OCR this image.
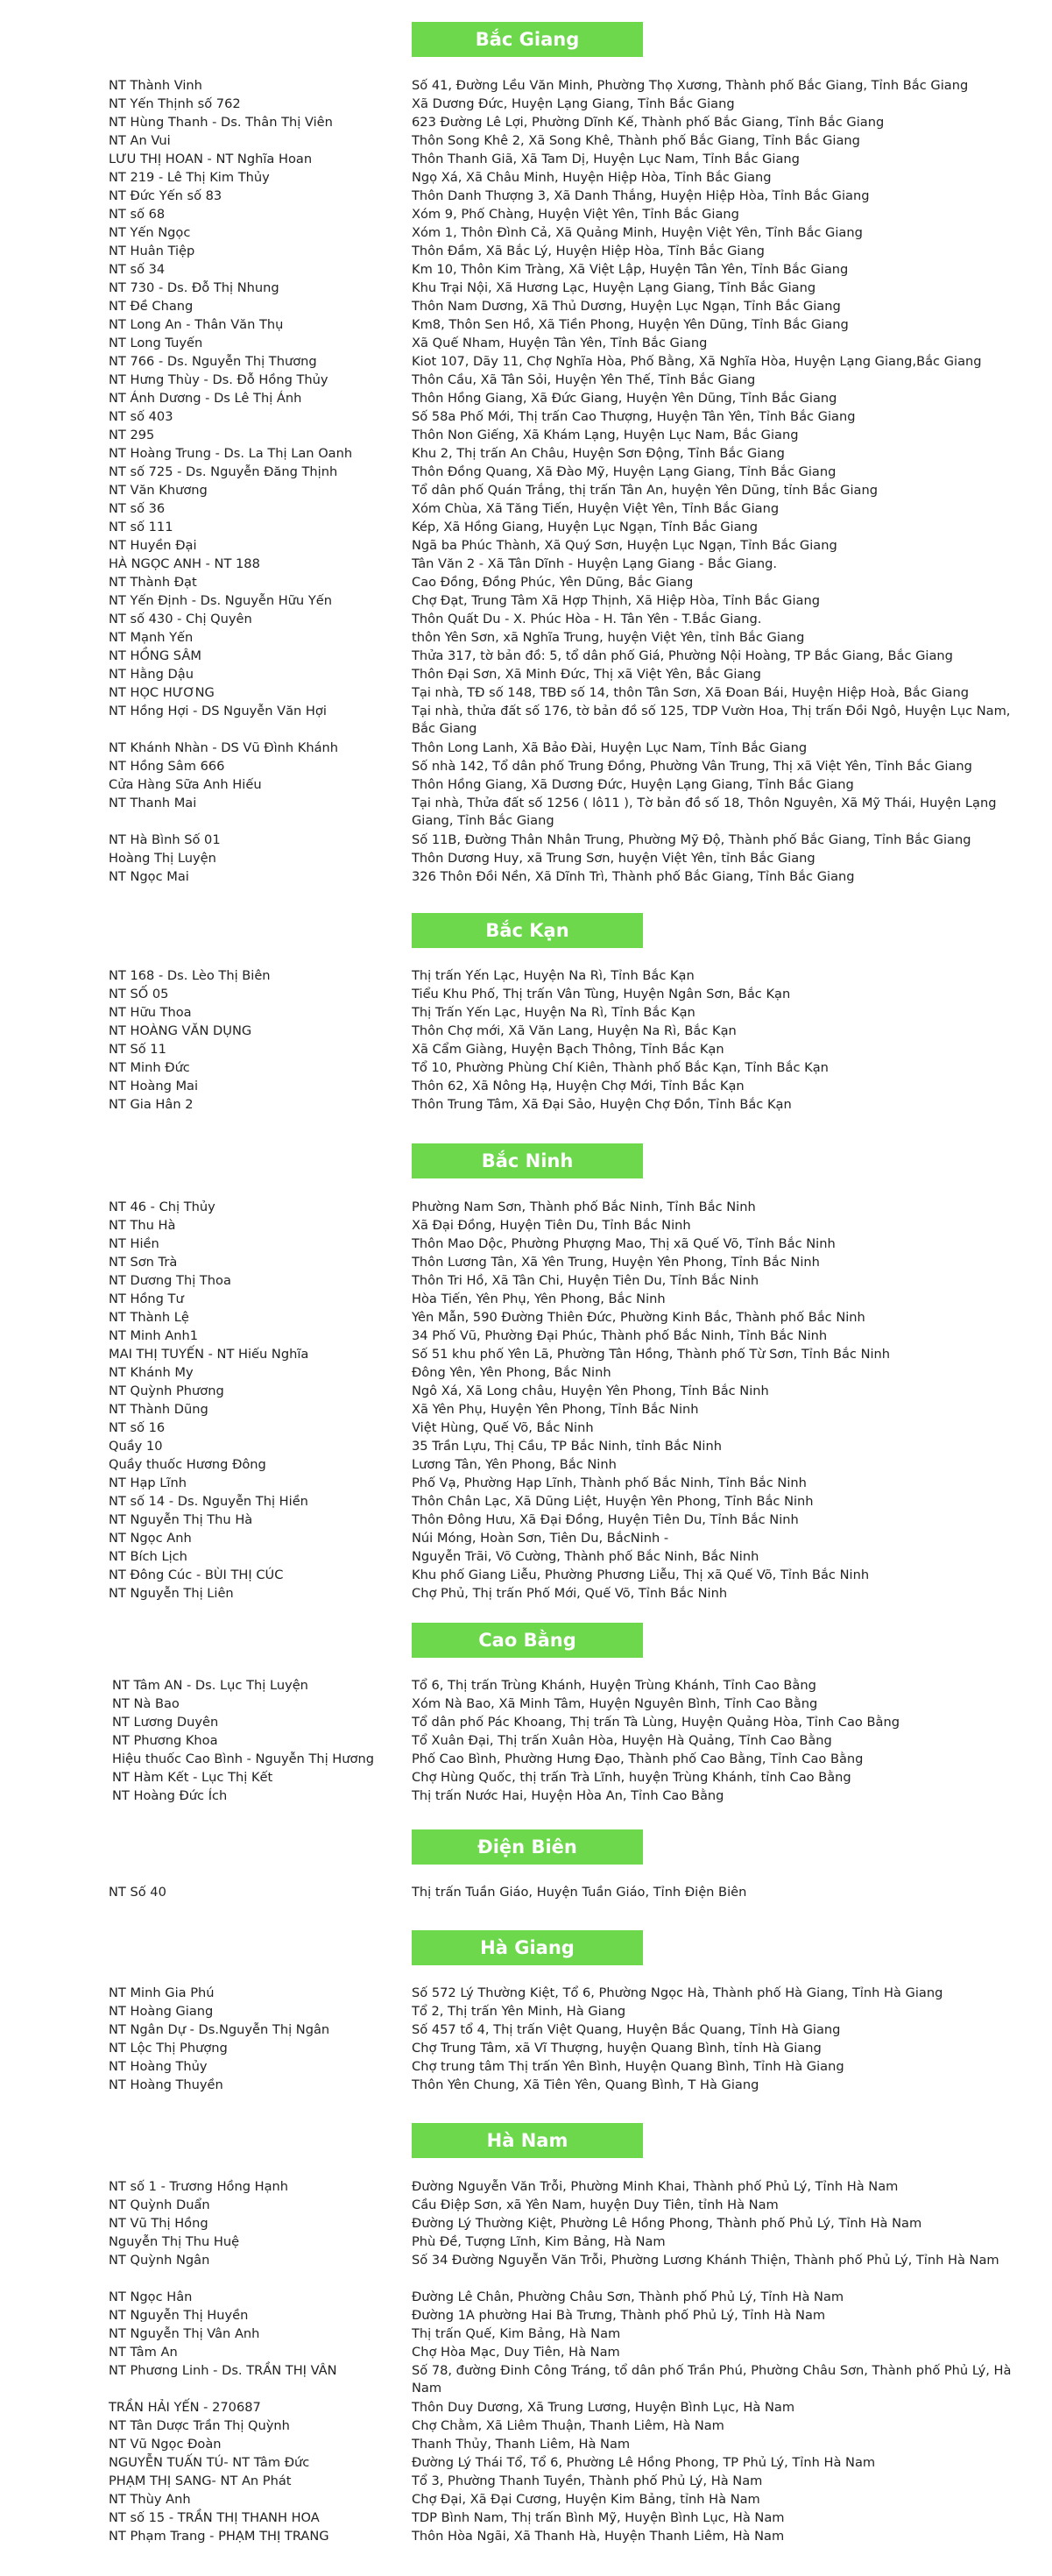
Bắc Giang
NT Thành Vinh	Số 41, Đường Lều Văn Minh, Phường Thọ Xương, Thành phố Bắc Giang, Tỉnh Bắc Giang
NT Yến Thịnh số 762	Xã Dương Đức, Huyện Lạng Giang, Tỉnh Bắc Giang
NT Hùng Thanh - Ds. Thân Thị Viên	623 Đường Lê Lợi, Phường Dĩnh Kế, Thành phố Bắc Giang, Tỉnh Bắc Giang
NT An Vui	Thôn Song Khê 2, Xã Song Khê, Thành phố Bắc Giang, Tỉnh Bắc Giang
LƯU THỊ HOAN - NT Nghĩa Hoan	Thôn Thanh Giã, Xã Tam Dị, Huyện Lục Nam, Tỉnh Bắc Giang
NT 219 - Lê Thị Kim Thủy	Ngọ Xá, Xã Châu Minh, Huyện Hiệp Hòa, Tỉnh Bắc Giang
NT Đức Yến số 83	Thôn Danh Thượng 3, Xã Danh Thắng, Huyện Hiệp Hòa, Tỉnh Bắc Giang
NT số 68	Xóm 9, Phố Chàng, Huyện Việt Yên, Tỉnh Bắc Giang
NT Yến Ngọc	Xóm 1, Thôn Đình Cả, Xã Quảng Minh, Huyện Việt Yên, Tỉnh Bắc Giang
NT Huân Tiệp	Thôn Đầm, Xã Bắc Lý, Huyện Hiệp Hòa, Tỉnh Bắc Giang
NT số 34	Km 10, Thôn Kim Tràng, Xã Việt Lập, Huyện Tân Yên, Tỉnh Bắc Giang
NT 730 - Ds. Đỗ Thị Nhung	Khu Trại Nội, Xã Hương Lạc, Huyện Lạng Giang, Tỉnh Bắc Giang
NT Đề Chang	Thôn Nam Dương, Xã Thủ Dương, Huyện Lục Ngạn, Tỉnh Bắc Giang
NT Long An - Thân Văn Thụ	Km8, Thôn Sen Hồ, Xã Tiền Phong, Huyện Yên Dũng, Tỉnh Bắc Giang
NT Long Tuyến	Xã Quế Nham, Huyện Tân Yên, Tỉnh Bắc Giang
NT 766 - Ds. Nguyễn Thị Thương	Kiot 107, Dãy 11, Chợ Nghĩa Hòa, Phố Bằng, Xã Nghĩa Hòa, Huyện Lạng Giang,Bắc Giang
NT Hưng Thùy - Ds. Đỗ Hồng Thủy	Thôn Cầu, Xã Tân Sỏi, Huyện Yên Thế, Tỉnh Bắc Giang
NT Ánh Dương - Ds Lê Thị Ánh	Thôn Hồng Giang, Xã Đức Giang, Huyện Yên Dũng, Tỉnh Bắc Giang
NT số 403	Số 58a Phố Mới, Thị trấn Cao Thượng, Huyện Tân Yên, Tỉnh Bắc Giang
NT 295	Thôn Non Giếng, Xã Khám Lạng, Huyện Lục Nam, Bắc Giang
NT Hoàng Trung - Ds. La Thị Lan Oanh	Khu 2, Thị trấn An Châu, Huyện Sơn Động, Tỉnh Bắc Giang
NT số 725 - Ds. Nguyễn Đăng Thịnh	Thôn Đồng Quang, Xã Đào Mỹ, Huyện Lạng Giang, Tỉnh Bắc Giang
NT Văn Khương	Tổ dân phố Quán Trắng, thị trấn Tân An, huyện Yên Dũng, tỉnh Bắc Giang
NT số 36	Xóm Chùa, Xã Tăng Tiến, Huyện Việt Yên, Tỉnh Bắc Giang
NT số 111	Kép, Xã Hồng Giang, Huyện Lục Ngạn, Tỉnh Bắc Giang
NT Huyền Đại	Ngã ba Phúc Thành, Xã Quý Sơn, Huyện Lục Ngạn, Tỉnh Bắc Giang
HÀ NGỌC ANH - NT 188	Tân Văn 2 - Xã Tân Dĩnh - Huyện Lạng Giang - Bắc Giang.
NT Thành Đạt	Cao Đồng, Đồng Phúc, Yên Dũng, Bắc Giang
NT Yến Định - Ds. Nguyễn Hữu Yến	Chợ Đạt, Trung Tâm Xã Hợp Thịnh, Xã Hiệp Hòa, Tỉnh Bắc Giang
NT số 430 - Chị Quyên	Thôn Quất Du - X. Phúc Hòa - H. Tân Yên - T.Bắc Giang.
NT Mạnh Yến	thôn Yên Sơn, xã Nghĩa Trung, huyện Việt Yên, tỉnh Bắc Giang
NT HỒNG SÂM	Thửa 317, tờ bản đồ: 5, tổ dân phố Giá, Phường Nội Hoàng, TP Bắc Giang, Bắc Giang
NT Hằng Dậu	Thôn Đại Sơn, Xã Minh Đức, Thị xã Việt Yên, Bắc Giang
NT HỌC HƯƠNG	Tại nhà, TĐ số 148, TBĐ số 14, thôn Tân Sơn, Xã Đoan Bái, Huyện Hiệp Hoà, Bắc Giang
NT Hồng Hợi - DS Nguyễn Văn Hợi	Tại nhà, thửa đất số 176, tờ bản đồ số 125, TDP Vườn Hoa, Thị trấn Đồi Ngô, Huyện Lục Nam, Bắc Giang
NT Khánh Nhàn - DS Vũ Đình Khánh	Thôn Long Lanh, Xã Bảo Đài, Huyện Lục Nam, Tỉnh Bắc Giang
NT Hồng Sâm 666	Số nhà 142, Tổ dân phố Trung Đồng, Phường Vân Trung, Thị xã Việt Yên, Tỉnh Bắc Giang
Cửa Hàng Sữa Anh Hiếu	Thôn Hồng Giang, Xã Dương Đức, Huyện Lạng Giang, Tỉnh Bắc Giang
NT Thanh Mai	Tại nhà, Thửa đất số 1256 ( lô11 ), Tờ bản đồ số 18, Thôn Nguyên, Xã Mỹ Thái, Huyện Lạng Giang, Tỉnh Bắc Giang
NT Hà Bình Số 01	Số 11B, Đường Thân Nhân Trung, Phường Mỹ Độ, Thành phố Bắc Giang, Tỉnh Bắc Giang
Hoàng Thị Luyện	Thôn Dương Huy, xã Trung Sơn, huyện Việt Yên, tỉnh Bắc Giang
NT Ngọc Mai	326 Thôn Đồi Nền, Xã Dĩnh Trì, Thành phố Bắc Giang, Tỉnh Bắc Giang
Bắc Kạn
NT 168 - Ds. Lèo Thị Biên	Thị trấn Yến Lạc, Huyện Na Rì, Tỉnh Bắc Kạn
NT SỐ 05	Tiểu Khu Phố, Thị trấn Vân Tùng, Huyện Ngân Sơn, Bắc Kạn
NT Hữu Thoa	Thị Trấn Yến Lạc, Huyện Na Rì, Tỉnh Bắc Kạn
NT HOÀNG VĂN DỤNG	Thôn Chợ mới, Xã Văn Lang, Huyện Na Rì, Bắc Kạn
NT Số 11	Xã Cẩm Giàng, Huyện Bạch Thông, Tỉnh Bắc Kạn
NT Minh Đức	Tổ 10, Phường Phùng Chí Kiên, Thành phố Bắc Kạn, Tỉnh Bắc Kạn
NT Hoàng Mai	Thôn 62, Xã Nông Hạ, Huyện Chợ Mới, Tỉnh Bắc Kạn
NT Gia Hân 2	Thôn Trung Tâm, Xã Đại Sảo, Huyện Chợ Đồn, Tỉnh Bắc Kạn
Bắc Ninh
NT 46 - Chị Thủy	Phường Nam Sơn, Thành phố Bắc Ninh, Tỉnh Bắc Ninh
NT Thu Hà	Xã Đại Đồng, Huyện Tiên Du, Tỉnh Bắc Ninh
NT Hiền	Thôn Mao Dộc, Phường Phượng Mao, Thị xã Quế Võ, Tỉnh Bắc Ninh
NT Sơn Trà	Thôn Lương Tân, Xã Yên Trung, Huyện Yên Phong, Tỉnh Bắc Ninh
NT Dương Thị Thoa	Thôn Tri Hồ, Xã Tân Chi, Huyện Tiên Du, Tỉnh Bắc Ninh
NT Hồng Tư	Hòa Tiến, Yên Phụ, Yên Phong, Bắc Ninh
NT Thành Lệ	Yên Mẫn, 590 Đường Thiên Đức, Phường Kinh Bắc, Thành phố Bắc Ninh
NT Minh Anh1	34 Phố Vũ, Phường Đại Phúc, Thành phố Bắc Ninh, Tỉnh Bắc Ninh
MAI THỊ TUYẾN - NT Hiếu Nghĩa	Số 51 khu phố Yên Lã, Phường Tân Hồng, Thành phố Từ Sơn, Tỉnh Bắc Ninh
NT Khánh My	Đông Yên, Yên Phong, Bắc Ninh
NT Quỳnh Phương	Ngô Xá, Xã Long châu, Huyện Yên Phong, Tỉnh Bắc Ninh
NT Thành Dũng	Xã Yên Phụ, Huyện Yên Phong, Tỉnh Bắc Ninh
NT số 16	Việt Hùng, Quế Võ, Bắc Ninh
Quầy 10	35 Trần Lựu, Thị Cầu, TP Bắc Ninh, tỉnh Bắc Ninh
Quầy thuốc Hương Đông	Lương Tân, Yên Phong, Bắc Ninh
NT Hạp Lĩnh	Phố Vạ, Phường Hạp Lĩnh, Thành phố Bắc Ninh, Tỉnh Bắc Ninh
NT số 14 - Ds. Nguyễn Thị Hiền	Thôn Chân Lạc, Xã Dũng Liệt, Huyện Yên Phong, Tỉnh Bắc Ninh
NT Nguyễn Thị Thu Hà	Thôn Đông Hưu, Xã Đại Đồng, Huyện Tiên Du, Tỉnh Bắc Ninh
NT Ngọc Anh	Núi Móng, Hoàn Sơn, Tiên Du, BắcNinh -
NT Bích Lịch	Nguyễn Trãi, Võ Cường, Thành phố Bắc Ninh, Bắc Ninh
NT Đông Cúc - BÙI THỊ CÚC	Khu phố Giang Liễu, Phường Phương Liễu, Thị xã Quế Võ, Tỉnh Bắc Ninh
NT Nguyễn Thị Liên	Chợ Phủ, Thị trấn Phố Mới, Quế Võ, Tỉnh Bắc Ninh
Cao Bằng
NT Tâm AN - Ds. Lục Thị Luyện	Tổ 6, Thị trấn Trùng Khánh, Huyện Trùng Khánh, Tỉnh Cao Bằng
NT Nà Bao	Xóm Nà Bao, Xã Minh Tâm, Huyện Nguyên Bình, Tỉnh Cao Bằng
NT Lương Duyên	Tổ dân phố Pác Khoang, Thị trấn Tà Lùng, Huyện Quảng Hòa, Tỉnh Cao Bằng
NT Phương Khoa	Tổ Xuân Đại, Thị trấn Xuân Hòa, Huyện Hà Quảng, Tỉnh Cao Bằng
Hiệu thuốc Cao Bình - Nguyễn Thị Hương	Phố Cao Bình, Phường Hưng Đạo, Thành phố Cao Bằng, Tỉnh Cao Bằng
NT Hàm Kết - Lục Thị Kết	Chợ Hùng Quốc, thị trấn Trà Lĩnh, huyện Trùng Khánh, tỉnh Cao Bằng
NT Hoàng Đức Ích	Thị trấn Nước Hai, Huyện Hòa An, Tỉnh Cao Bằng
Điện Biên
NT Số 40	Thị trấn Tuần Giáo, Huyện Tuần Giáo, Tỉnh Điện Biên
Hà Giang
NT Minh Gia Phú	Số 572 Lý Thường Kiệt, Tổ 6, Phường Ngọc Hà, Thành phố Hà Giang, Tỉnh Hà Giang
NT Hoàng Giang	Tổ 2, Thị trấn Yên Minh, Hà Giang
NT Ngân Dự - Ds.Nguyễn Thị Ngân	Số 457 tổ 4, Thị trấn Việt Quang, Huyện Bắc Quang, Tỉnh Hà Giang
NT Lộc Thị Phượng	Chợ Trung Tâm, xã Vĩ Thượng, huyện Quang Bình, tỉnh Hà Giang
NT Hoàng Thủy	Chợ trung tâm Thị trấn Yên Bình, Huyện Quang Bình, Tỉnh Hà Giang
NT Hoàng Thuyền	Thôn Yên Chung, Xã Tiên Yên, Quang Bình, T Hà Giang
Hà Nam
NT số 1 - Trương Hồng Hạnh	Đường Nguyễn Văn Trỗi, Phường Minh Khai, Thành phố Phủ Lý, Tỉnh Hà Nam
NT Quỳnh Duẩn	Cầu Điệp Sơn, xã Yên Nam, huyện Duy Tiên, tỉnh Hà Nam
NT Vũ Thị Hồng	Đường Lý Thường Kiệt, Phường Lê Hồng Phong, Thành phố Phủ Lý, Tỉnh Hà Nam
Nguyễn Thị Thu Huệ	Phù Đề, Tượng Lĩnh, Kim Bảng, Hà Nam
NT Quỳnh Ngân	Số 34 Đường Nguyễn Văn Trỗi, Phường Lương Khánh Thiện, Thành phố Phủ Lý, Tỉnh Hà Nam
NT Ngọc Hân	Đường Lê Chân, Phường Châu Sơn, Thành phố Phủ Lý, Tỉnh Hà Nam
NT Nguyễn Thị Huyền	Đường 1A phường Hai Bà Trưng, Thành phố Phủ Lý, Tỉnh Hà Nam
NT Nguyễn Thị Vân Anh	Thị trấn Quế, Kim Bảng, Hà Nam
NT Tâm An	Chợ Hòa Mạc, Duy Tiên, Hà Nam
NT Phương Linh - Ds. TRẦN THỊ VÂN	Số 78, đường Đinh Công Tráng, tổ dân phố Trần Phú, Phường Châu Sơn, Thành phố Phủ Lý, Hà Nam
TRẦN HẢI YẾN - 270687	Thôn Duy Dương, Xã Trung Lương, Huyện Bình Lục, Hà Nam
NT Tân Dược Trần Thị Quỳnh	Chợ Chằm, Xã Liêm Thuận, Thanh Liêm, Hà Nam
NT Vũ Ngọc Đoàn	Thanh Thủy, Thanh Liêm, Hà Nam
NGUYỄN TUẤN TÚ- NT Tâm Đức	Đường Lý Thái Tổ, Tổ 6, Phường Lê Hồng Phong, TP Phủ Lý, Tỉnh Hà Nam
PHẠM THỊ SANG- NT An Phát	Tổ 3, Phường Thanh Tuyền, Thành phố Phủ Lý, Hà Nam
NT Thùy Anh	Chợ Đại, Xã Đại Cương, Huyện Kim Bảng, tỉnh Hà Nam
NT số 15 - TRẦN THỊ THANH HOA	TDP Bình Nam, Thị trấn Bình Mỹ, Huyện Bình Lục, Hà Nam
NT Phạm Trang - PHẠM THỊ TRANG	Thôn Hòa Ngãi, Xã Thanh Hà, Huyện Thanh Liêm, Hà Nam
